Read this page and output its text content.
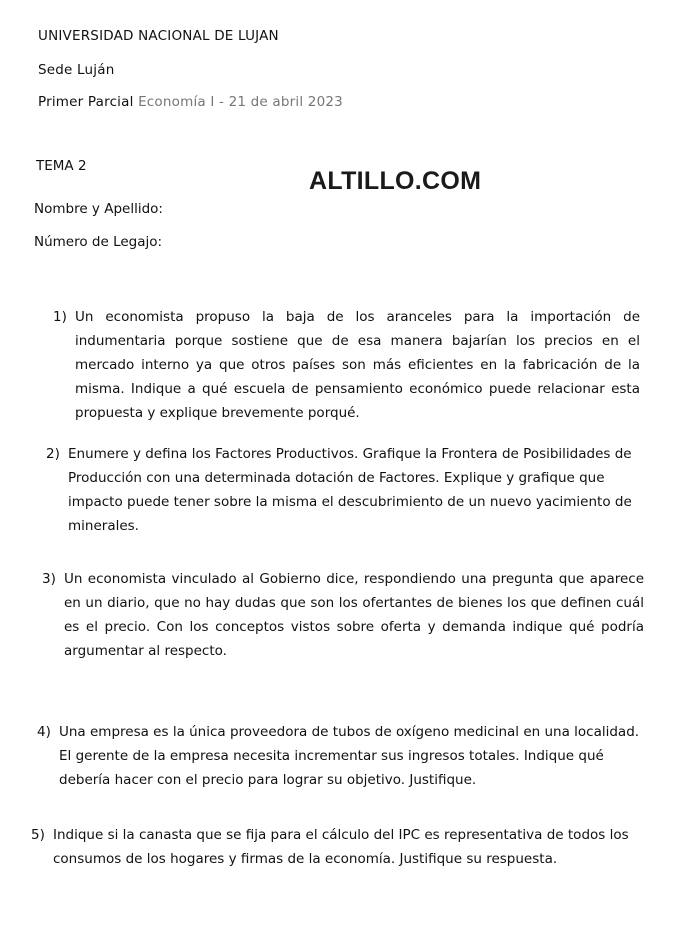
UNIVERSIDAD NACIONAL DE LUJAN
Sede Luján
Primer Parcial Economía I - 21 de abril 2023
TEMA 2
ALTILLO.COM
Nombre y Apellido:
Número de Legajo:
1) Un economista propuso la baja de los aranceles para la importación de indumentaria porque sostiene que de esa manera bajarían los precios en el mercado interno ya que otros países son más eficientes en la fabricación de la misma. Indique a qué escuela de pensamiento económico puede relacionar esta propuesta y explique brevemente porqué.

2) Enumere y defina los Factores Productivos. Grafique la Frontera de Posibilidades de Producción con una determinada dotación de Factores. Explique y grafique que impacto puede tener sobre la misma el descubrimiento de un nuevo yacimiento de minerales.

3) Un economista vinculado al Gobierno dice, respondiendo una pregunta que aparece en un diario, que no hay dudas que son los ofertantes de bienes los que definen cuál es el precio. Con los conceptos vistos sobre oferta y demanda indique qué podría argumentar al respecto.

4) Una empresa es la única proveedora de tubos de oxígeno medicinal en una localidad. El gerente de la empresa necesita incrementar sus ingresos totales. Indique qué debería hacer con el precio para lograr su objetivo. Justifique.

5) Indique si la canasta que se fija para el cálculo del IPC es representativa de todos los consumos de los hogares y firmas de la economía. Justifique su respuesta.
